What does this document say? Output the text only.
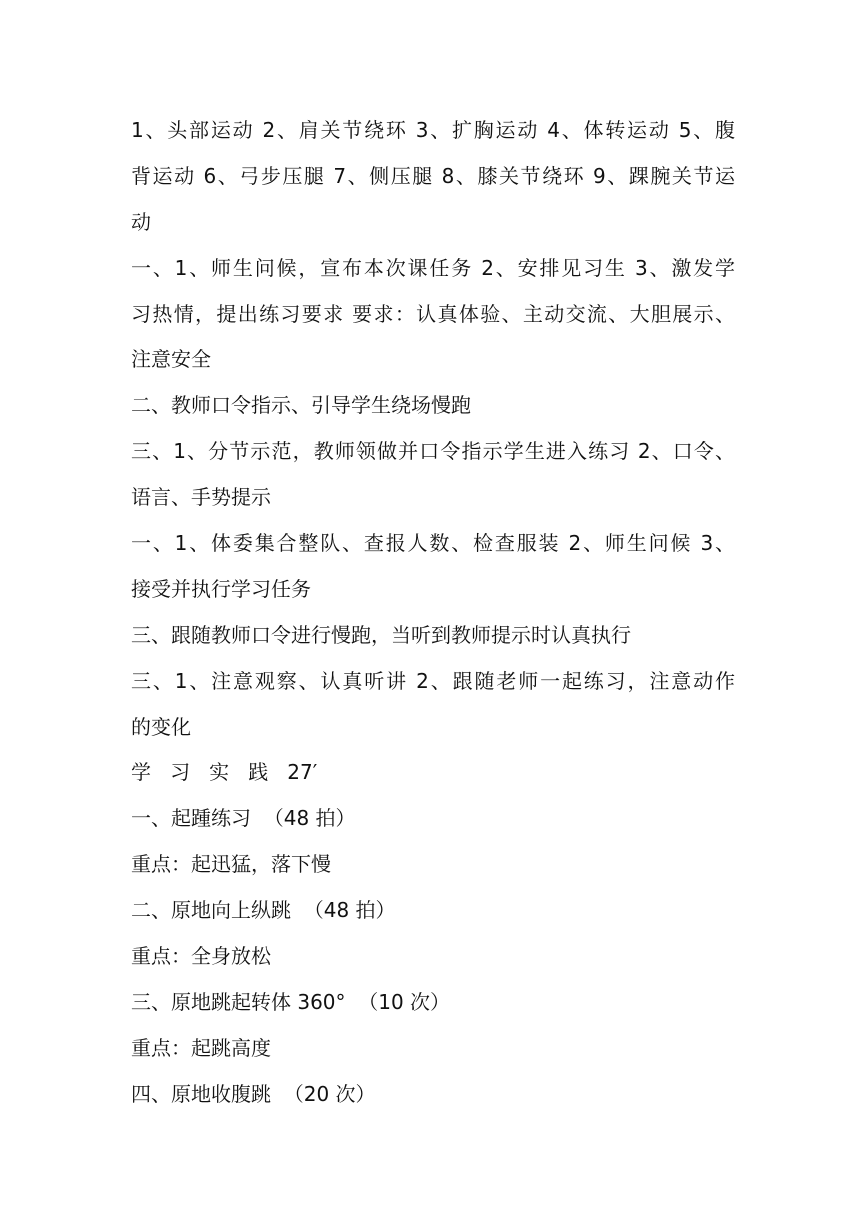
1、头部运动 2、肩关节绕环 3、扩胸运动 4、体转运动 5、腹
背运动 6、弓步压腿 7、侧压腿 8、膝关节绕环 9、踝腕关节运
动
一、1、师生问候，宣布本次课任务 2、安排见习生 3、激发学
习热情，提出练习要求 要求：认真体验、主动交流、大胆展示、
注意安全
二、教师口令指示、引导学生绕场慢跑
三、1、分节示范，教师领做并口令指示学生进入练习 2、口令、
语言、手势提示
一、1、体委集合整队、查报人数、检查服装 2、师生问候 3、
接受并执行学习任务
三、跟随教师口令进行慢跑，当听到教师提示时认真执行
三、1、注意观察、认真听讲 2、跟随老师一起练习，注意动作
的变化
学   习   实   践   27′
一、起踵练习  （48 拍）
重点：起迅猛，落下慢
二、原地向上纵跳  （48 拍）
重点：全身放松
三、原地跳起转体 360°  （10 次）
重点：起跳高度
四、原地收腹跳  （20 次）
